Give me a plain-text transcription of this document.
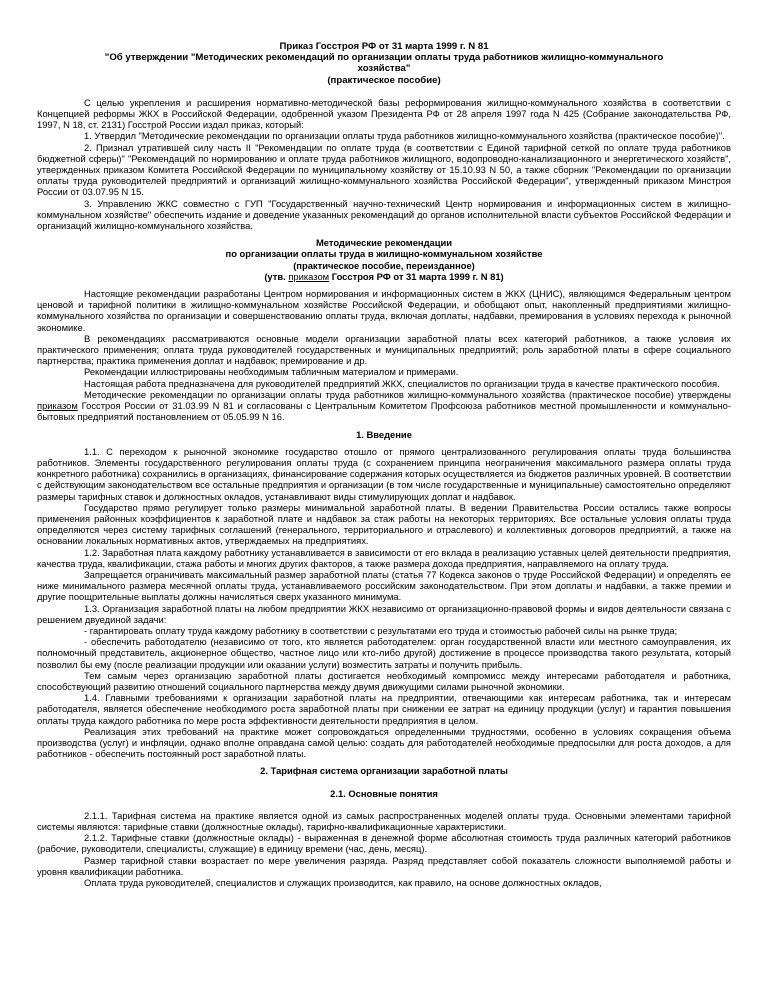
Приказ Госстроя РФ от 31 марта 1999 г. N 81
"Об утверждении "Методических рекомендаций по организации оплаты труда работников жилищно-коммунального хозяйства"
(практическое пособие)

С целью укрепления и расширения нормативно-методической базы реформирования жилищно-коммунального хозяйства в соответствии с Концепцией реформы ЖКХ в Российской Федерации, одобренной указом Президента РФ от 28 апреля 1997 года N 425 (Собрание законодательства РФ, 1997, N 18, ст. 2131) Госстрой России издал приказ, который:

1. Утвердил "Методические рекомендации по организации оплаты труда работников жилищно-коммунального хозяйства (практическое пособие)".

2. Признал утратившей силу часть II "Рекомендации по оплате труда (в соответствии с Единой тарифной сеткой по оплате труда работников бюджетной сферы)" "Рекомендаций по нормированию и оплате труда работников жилищного, водопроводно-канализационного и энергетического хозяйств", утвержденных приказом Комитета Российской Федерации по муниципальному хозяйству от 15.10.93 N 50, а также сборник "Рекомендации по организации оплаты труда руководителей предприятий и организаций жилищно-коммунального хозяйства Российской Федерации", утвержденный приказом Минстроя России от 03.07.95 N 15.

3. Управлению ЖКС совместно с ГУП "Государственный научно-технический Центр нормирования и информационных систем в жилищно-коммунальном хозяйстве" обеспечить издание и доведение указанных рекомендаций до органов исполнительной власти субъектов Российской Федерации и организаций жилищно-коммунального хозяйства.

Методические рекомендации
по организации оплаты труда в жилищно-коммунальном хозяйстве
(практическое пособие, переизданное)
(утв. приказом Госстроя РФ от 31 марта 1999 г. N 81)

Настоящие рекомендации разработаны Центром нормирования и информационных систем в ЖКХ (ЦНИС), являющимся Федеральным центром ценовой и тарифной политики в жилищно-коммунальном хозяйстве Российской Федерации, и обобщают опыт, накопленный предприятиями жилищно-коммунального хозяйства по организации и совершенствованию оплаты труда, включая доплаты, надбавки, премирования в условиях перехода к рыночной экономике.

В рекомендациях рассматриваются основные модели организации заработной платы всех категорий работников, а также условия их практического применения; оплата труда руководителей государственных и муниципальных предприятий; роль заработной платы в сфере социального партнерства; практика применения доплат и надбавок; премирование и др.

Рекомендации иллюстрированы необходимым табличным материалом и примерами.

Настоящая работа предназначена для руководителей предприятий ЖКХ, специалистов по организации труда в качестве практического пособия.

Методические рекомендации по организации оплаты труда работников жилищно-коммунального хозяйства (практическое пособие) утверждены приказом Госстроя России от 31.03.99 N 81 и согласованы с Центральным Комитетом Профсоюза работников местной промышленности и коммунально-бытовых предприятий постановлением от 05.05.99 N 16.

1. Введение

1.1. С переходом к рыночной экономике государство отошло от прямого централизованного регулирования оплаты труда большинства работников. Элементы государственного регулирования оплаты труда (с сохранением принципа неограничения максимального размера оплаты труда конкретного работника) сохранились в организациях, финансирование содержания которых осуществляется из бюджетов различных уровней. В соответствии с действующим законодательством все остальные предприятия и организации (в том числе государственные и муниципальные) самостоятельно определяют размеры тарифных ставок и должностных окладов, устанавливают виды стимулирующих доплат и надбавок.

Государство прямо регулирует только размеры минимальной заработной платы. В ведении Правительства России остались также вопросы применения районных коэффициентов к заработной плате и надбавок за стаж работы на некоторых территориях. Все остальные условия оплаты труда определяются через систему тарифных соглашений (генерального, территориального и отраслевого) и коллективных договоров предприятий, а также на основании локальных нормативных актов, утверждаемых на предприятиях.

1.2. Заработная плата каждому работнику устанавливается в зависимости от его вклада в реализацию уставных целей деятельности предприятия, качества труда, квалификации, стажа работы и многих других факторов, а также размера дохода предприятия, направляемого на оплату труда.

Запрещается ограничивать максимальный размер заработной платы (статья 77 Кодекса законов о труде Российской Федерации) и определять ее ниже минимального размера месячной оплаты труда, устанавливаемого российским законодательством. При этом доплаты и надбавки, а также премии и другие поощрительные выплаты должны начисляться сверх указанного минимума.

1.3. Организация заработной платы на любом предприятии ЖКХ независимо от организационно-правовой формы и видов деятельности связана с решением двуединой задачи:

- гарантировать оплату труда каждому работнику в соответствии с результатами его труда и стоимостью рабочей силы на рынке труда;

- обеспечить работодателю (независимо от того, кто является работодателем: орган государственной власти или местного самоуправления, их полномочный представитель, акционерное общество, частное лицо или кто-либо другой) достижение в процессе производства такого результата, который позволил бы ему (после реализации продукции или оказании услуги) возместить затраты и получить прибыль.

Тем самым через организацию заработной платы достигается необходимый компромисс между интересами работодателя и работника, способствующий развитию отношений социального партнерства между двумя движущими силами рыночной экономики.

1.4. Главными требованиями к организации заработной платы на предприятии, отвечающими как интересам работника, так и интересам работодателя, является обеспечение необходимого роста заработной платы при снижении ее затрат на единицу продукции (услуг) и гарантия повышения оплаты труда каждого работника по мере роста эффективности деятельности предприятия в целом.

Реализация этих требований на практике может сопровождаться определенными трудностями, особенно в условиях сокращения объема производства (услуг) и инфляции, однако вполне оправдана самой целью: создать для работодателей необходимые предпосылки для роста доходов, а для работников - обеспечить постоянный рост заработной платы.

2. Тарифная система организации заработной платы
2.1. Основные понятия

2.1.1. Тарифная система на практике является одной из самых распространенных моделей оплаты труда. Основными элементами тарифной системы являются: тарифные ставки (должностные оклады), тарифно-квалификационные характеристики.

2.1.2. Тарифные ставки (должностные оклады) - выраженная в денежной форме абсолютная стоимость труда различных категорий работников (рабочие, руководители, специалисты, служащие) в единицу времени (час, день, месяц).

Размер тарифной ставки возрастает по мере увеличения разряда. Разряд представляет собой показатель сложности выполняемой работы и уровня квалификации работника.

Оплата труда руководителей, специалистов и служащих производится, как правило, на основе должностных окладов,
